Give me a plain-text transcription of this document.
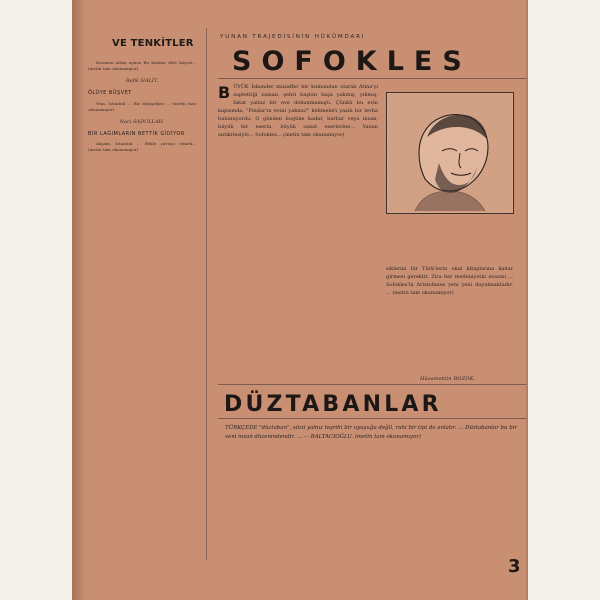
VE TENKİTLER
Kıssanın altını ayırın Bu kitabın dört köşesi... (metin tam okunamıyor)
Refik HALİT.
ÖLÜYE BÜŞVET
Yeni, İstanbul ... Bir dolaşırken ... (metin tam okunamıyor)
Naci SADULLAH.
BİR LAĞIMLARIN BETTİK GİDİYOR
Akşam, İstanbul ... Bekle çavuşu etmek... (metin tam okunamıyor)
YUNAN TRAJEDİSİNİN HÜKÜMDARI
SOFOKLES
B ÜYÜK İskender muzaffer bir kumandan olarak Atina'yı zaptettiği zaman, şehri baştan başa yakmış, yıkmış, fakat yalnız bir eve dokunmamıştı. Çünkü bu evin kapısında, "Pindar'ın evini yakma!" kelimeleri yazılı bir levha bulunuyordu. O günden bugüne kadar, barbar veya insan, büyük bir eserin, büyük sanat eserlerine... Yunan antikitesiyle... Sofokles... (metin tam okunamıyor)
siklerini bir Türk'lerin okul kitaplarına kadar girmesi gerektir. Zira her medeniyetin esasını ... Sofokles'in Aristofanes yeni yeni duyulmaktadır. ... (metin tam okunamıyor)
Hüsamettin BOZOK.
DÜZTABANLAR
TÜRKÇEDE "düztaban", sözü yalnız teşrihi bir uyuşuğu değil, ruhi bir tipi de anlatır. ... Düztabanlar bu bir veni insan düzenindendir. ... — BALTACIOĞLU. (metin tam okunamıyor)
3
